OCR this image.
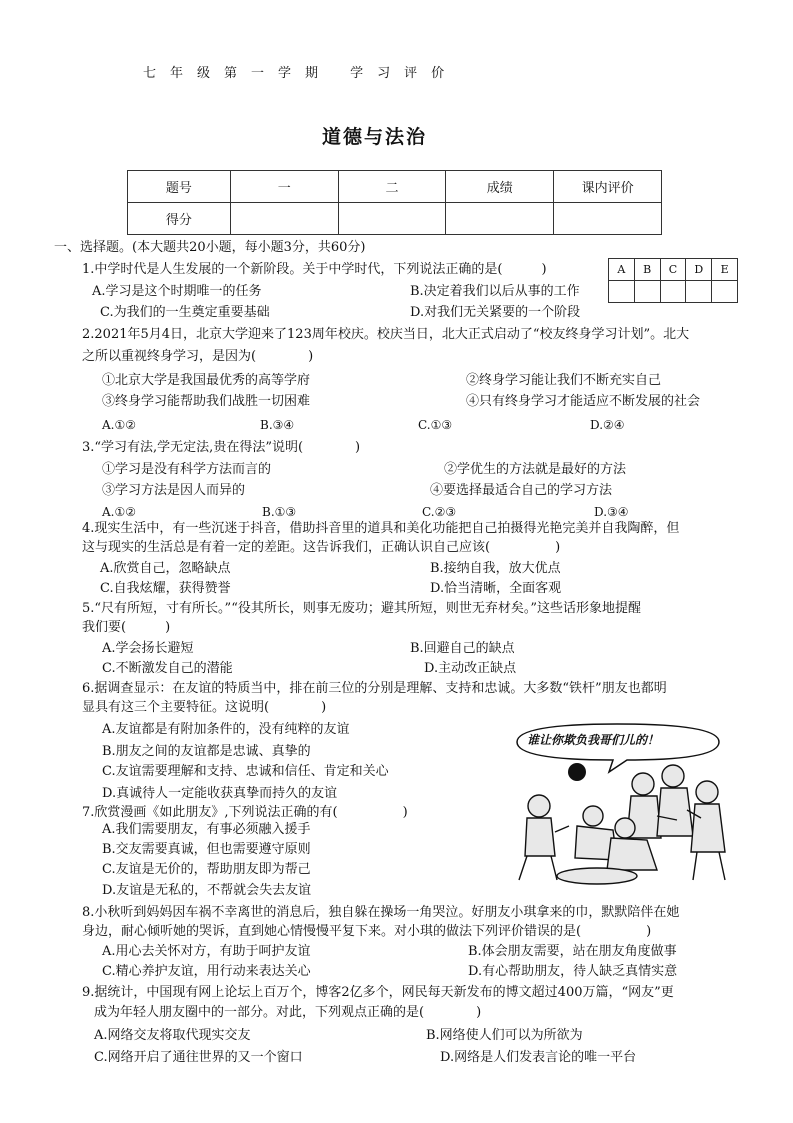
七年级第一学期 学习评价
道德与法治
题号	一	二	成绩	课内评价
得分				
A	B	C	D	E

一、选择题。(本大题共20小题，每小题3分，共60分)
1.中学时代是人生发展的一个新阶段。关于中学时代，下列说法正确的是(　　　)
A.学习是这个时期唯一的任务	B.决定着我们以后从事的工作
C.为我们的一生奠定重要基础	D.对我们无关紧要的一个阶段
2.2021年5月4日，北京大学迎来了123周年校庆。校庆当日，北大正式启动了“校友终身学习计划”。北大
之所以重视终身学习，是因为(　　　　)
①北京大学是我国最优秀的高等学府	②终身学习能让我们不断充实自己
③终身学习能帮助我们战胜一切困难	④只有终身学习才能适应不断发展的社会
A.①②	B.③④	C.①③	D.②④
3.“学习有法,学无定法,贵在得法”说明(　　　　)
①学习是没有科学方法而言的	②学优生的方法就是最好的方法
③学习方法是因人而异的	④要选择最适合自己的学习方法
A.①②	B.①③	C.②③	D.③④
4.现实生活中，有一些沉迷于抖音，借助抖音里的道具和美化功能把自己拍摄得光艳完美并自我陶醉，但
这与现实的生活总是有着一定的差距。这告诉我们，正确认识自己应该(　　　　　)
A.欣赏自己，忽略缺点	B.接纳自我，放大优点
C.自我炫耀，获得赞誉	D.恰当清晰，全面客观
5.“尺有所短，寸有所长。”“役其所长，则事无废功；避其所短，则世无弃材矣。”这些话形象地提醒
我们要(　　　)
A.学会扬长避短	B.回避自己的缺点
C.不断激发自己的潜能	D.主动改正缺点
6.据调查显示：在友谊的特质当中，排在前三位的分别是理解、支持和忠诚。大多数“铁杆”朋友也都明
显具有这三个主要特征。这说明(　　　　)
A.友谊都是有附加条件的，没有纯粹的友谊
B.朋友之间的友谊都是忠诚、真挚的
C.友谊需要理解和支持、忠诚和信任、肯定和关心
D.真诚待人一定能收获真挚而持久的友谊
谁让你欺负我哥们儿的！
7.欣赏漫画《如此朋友》,下列说法正确的有(　　　　　)
A.我们需要朋友，有事必须融入援手
B.交友需要真诚，但也需要遵守原则
C.友谊是无价的，帮助朋友即为帮己
D.友谊是无私的，不帮就会失去友谊
8.小秋听到妈妈因车祸不幸离世的消息后，独自躲在操场一角哭泣。好朋友小琪拿来的巾，默默陪伴在她
身边，耐心倾听她的哭诉，直到她心情慢慢平复下来。对小琪的做法下列评价错误的是(　　　　　)
A.用心去关怀对方，有助于呵护友谊	B.体会朋友需要，站在朋友角度做事
C.精心养护友谊，用行动来表达关心	D.有心帮助朋友，待人缺乏真情实意
9.据统计，中国现有网上论坛上百万个，博客2亿多个，网民每天新发布的博文超过400万篇，“网友”更
成为年轻人朋友圈中的一部分。对此，下列观点正确的是(　　　　)
A.网络交友将取代现实交友	B.网络使人们可以为所欲为
C.网络开启了通往世界的又一个窗口	D.网络是人们发表言论的唯一平台
